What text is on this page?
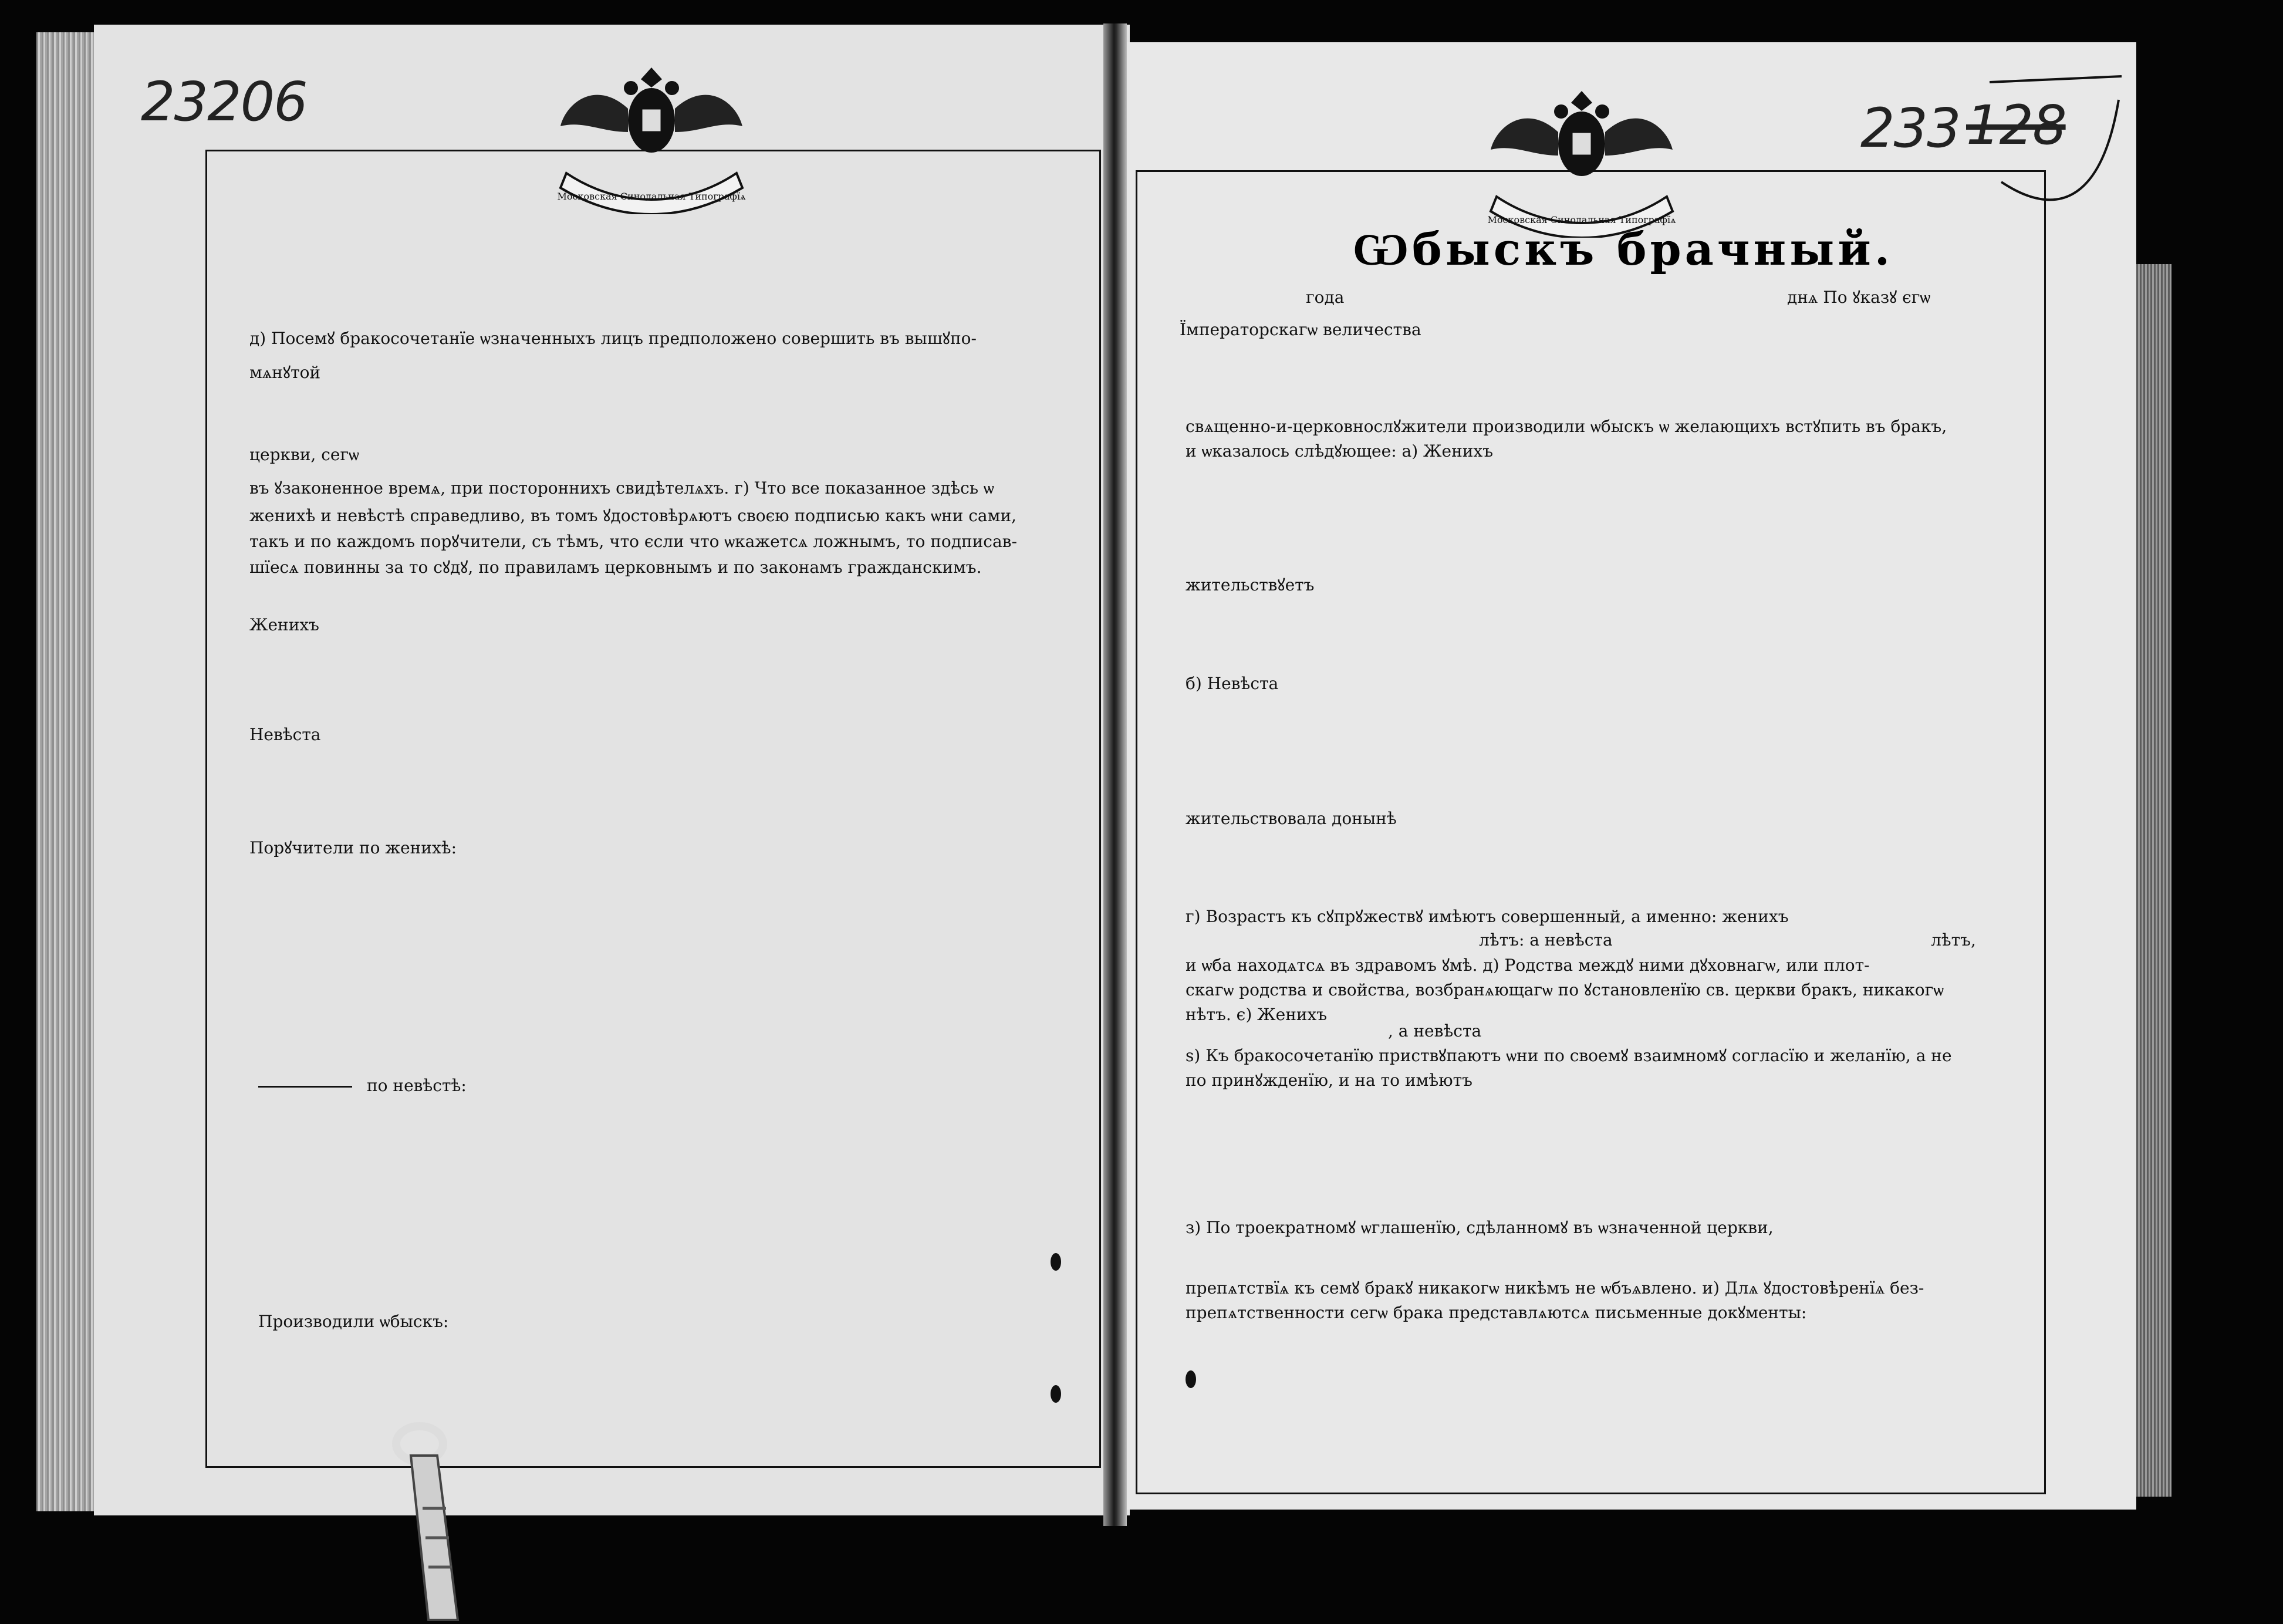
Московская Синодальная Типографїѧ
Московская Синодальная Типографїѧ
23206	233 128
д) Посемꙋ бракосочетанїе ѡзначенныхъ лицъ предположено совершить въ вышꙋпо-
мѧнꙋтой
церкви, сегѡ
въ ꙋзаконенное времѧ, при постороннихъ свидѣтелѧхъ. г) Что все показанное здѣсь ѡ
женихѣ и невѣстѣ справедливо, въ томъ ꙋдостовѣрѧютъ своєю подписью какъ ѡни сами,
такъ и по каждомъ порꙋчители, съ тѣмъ, что єсли что ѡкажетсѧ ложнымъ, то подписав-
шїесѧ повинны за то сꙋдꙋ, по правиламъ церковнымъ и по законамъ гражданскимъ.
Женихъ
Невѣста
Порꙋчители по женихѣ:
по невѣстѣ:
Производили ѡбыскъ:
Ѡбыскъ брачный.
года	днѧ По ꙋказꙋ єгѡ
Їмператорскагѡ величества
свѧщенно-и-церковнослꙋжители производили ѡбыскъ ѡ желающихъ встꙋпить въ бракъ,
и ѡказалось слѣдꙋющее: а) Женихъ
жительствꙋетъ
б) Невѣста
жительствовала донынѣ
г) Возрастъ къ сꙋпрꙋжествꙋ имѣютъ совершенный, а именно: женихъ
лѣтъ: а невѣста	лѣтъ,
и ѡба находѧтсѧ въ здравомъ ꙋмѣ. д) Родства междꙋ ними дꙋховнагѡ, или плот-
скагѡ родства и свойства, возбранѧющагѡ по ꙋстановленїю св. церкви бракъ, никакогѡ
нѣтъ. є) Женихъ
, а невѣста
ѕ) Къ бракосочетанїю приствꙋпаютъ ѡни по своемꙋ взаимномꙋ согласїю и желанїю, а не
по принꙋжденїю, и на то имѣютъ
з) По троекратномꙋ ѡглашенїю, сдѣланномꙋ въ ѡзначенной церкви,
препѧтствїѧ къ семꙋ бракꙋ никакогѡ никѣмъ не ѡбъѧвлено. и) Длѧ ꙋдостовѣренїѧ без-
препѧтственности сегѡ брака представлѧютсѧ письменные докꙋменты:
